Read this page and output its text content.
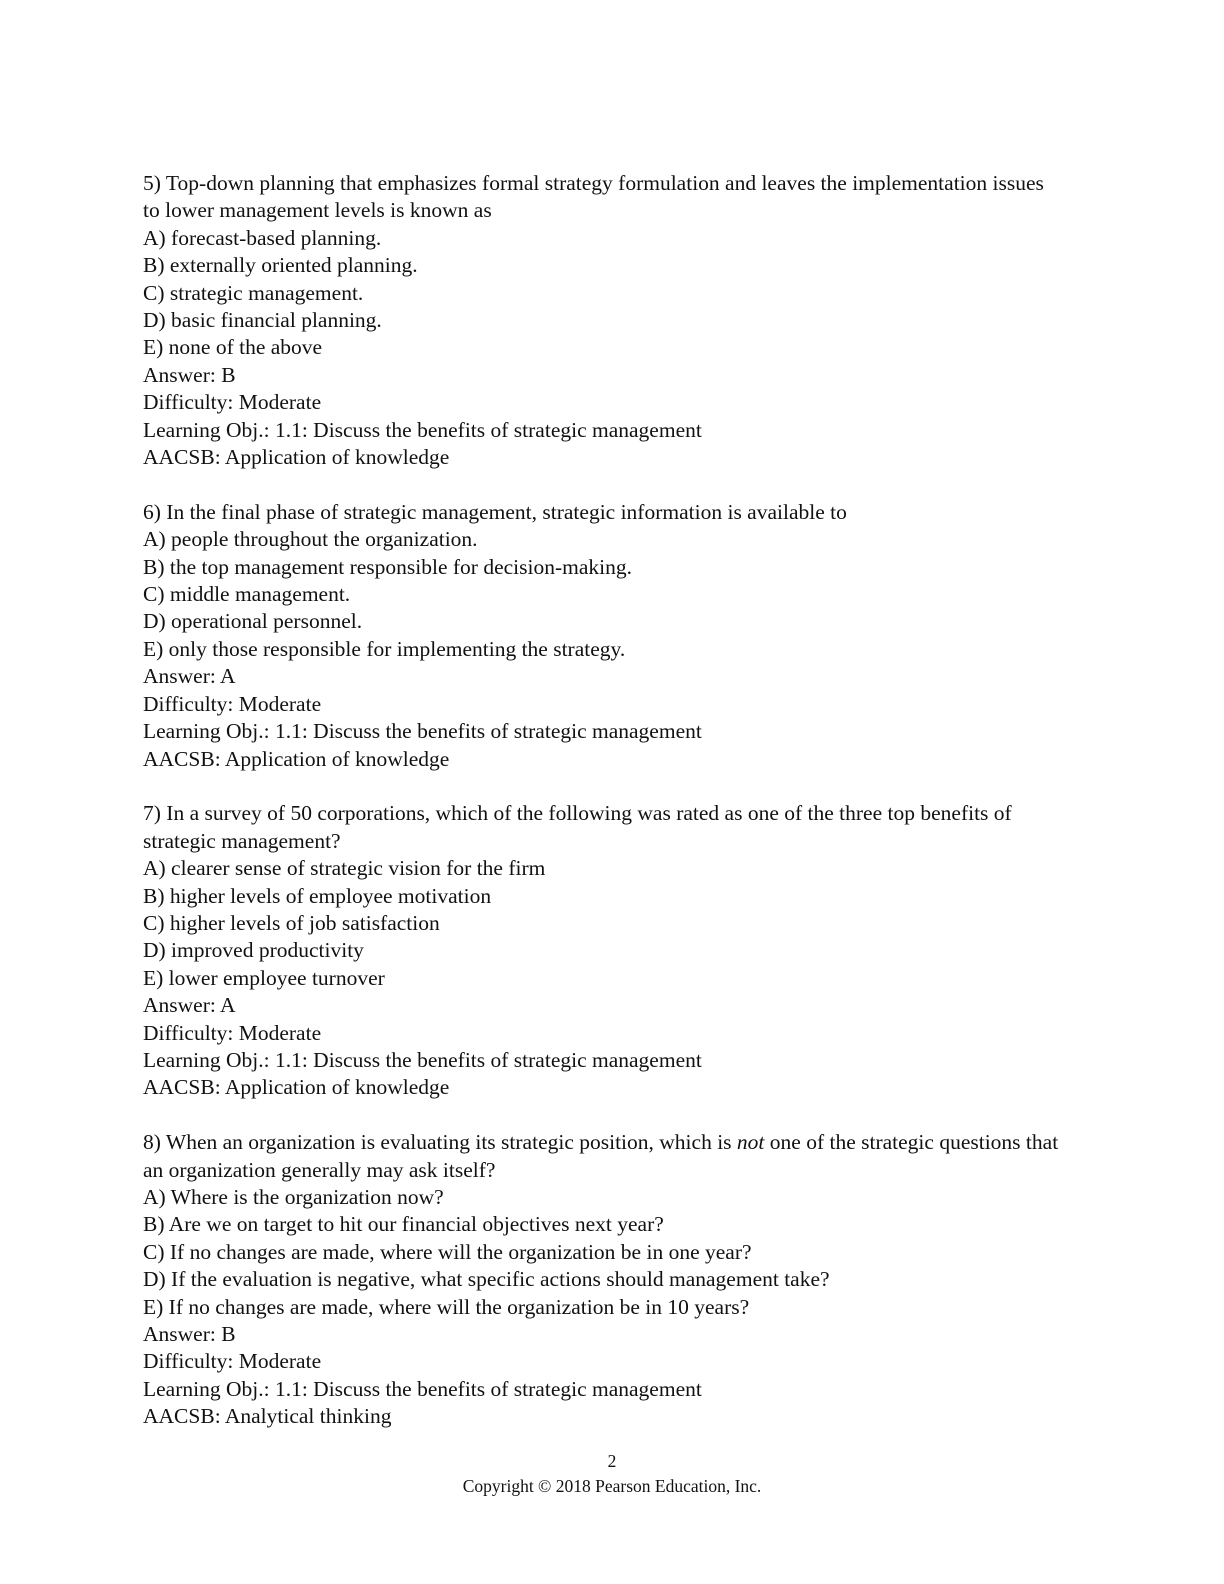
5) Top-down planning that emphasizes formal strategy formulation and leaves the implementation issues to lower management levels is known as
A) forecast-based planning.
B) externally oriented planning.
C) strategic management.
D) basic financial planning.
E) none of the above
Answer: B
Difficulty: Moderate
Learning Obj.: 1.1: Discuss the benefits of strategic management
AACSB: Application of knowledge
6) In the final phase of strategic management, strategic information is available to
A) people throughout the organization.
B) the top management responsible for decision-making.
C) middle management.
D) operational personnel.
E) only those responsible for implementing the strategy.
Answer: A
Difficulty: Moderate
Learning Obj.: 1.1: Discuss the benefits of strategic management
AACSB: Application of knowledge
7) In a survey of 50 corporations, which of the following was rated as one of the three top benefits of strategic management?
A) clearer sense of strategic vision for the firm
B) higher levels of employee motivation
C) higher levels of job satisfaction
D) improved productivity
E) lower employee turnover
Answer: A
Difficulty: Moderate
Learning Obj.: 1.1: Discuss the benefits of strategic management
AACSB: Application of knowledge
8) When an organization is evaluating its strategic position, which is not one of the strategic questions that an organization generally may ask itself?
A) Where is the organization now?
B) Are we on target to hit our financial objectives next year?
C) If no changes are made, where will the organization be in one year?
D) If the evaluation is negative, what specific actions should management take?
E) If no changes are made, where will the organization be in 10 years?
Answer: B
Difficulty: Moderate
Learning Obj.: 1.1: Discuss the benefits of strategic management
AACSB: Analytical thinking
2
Copyright © 2018 Pearson Education, Inc.
